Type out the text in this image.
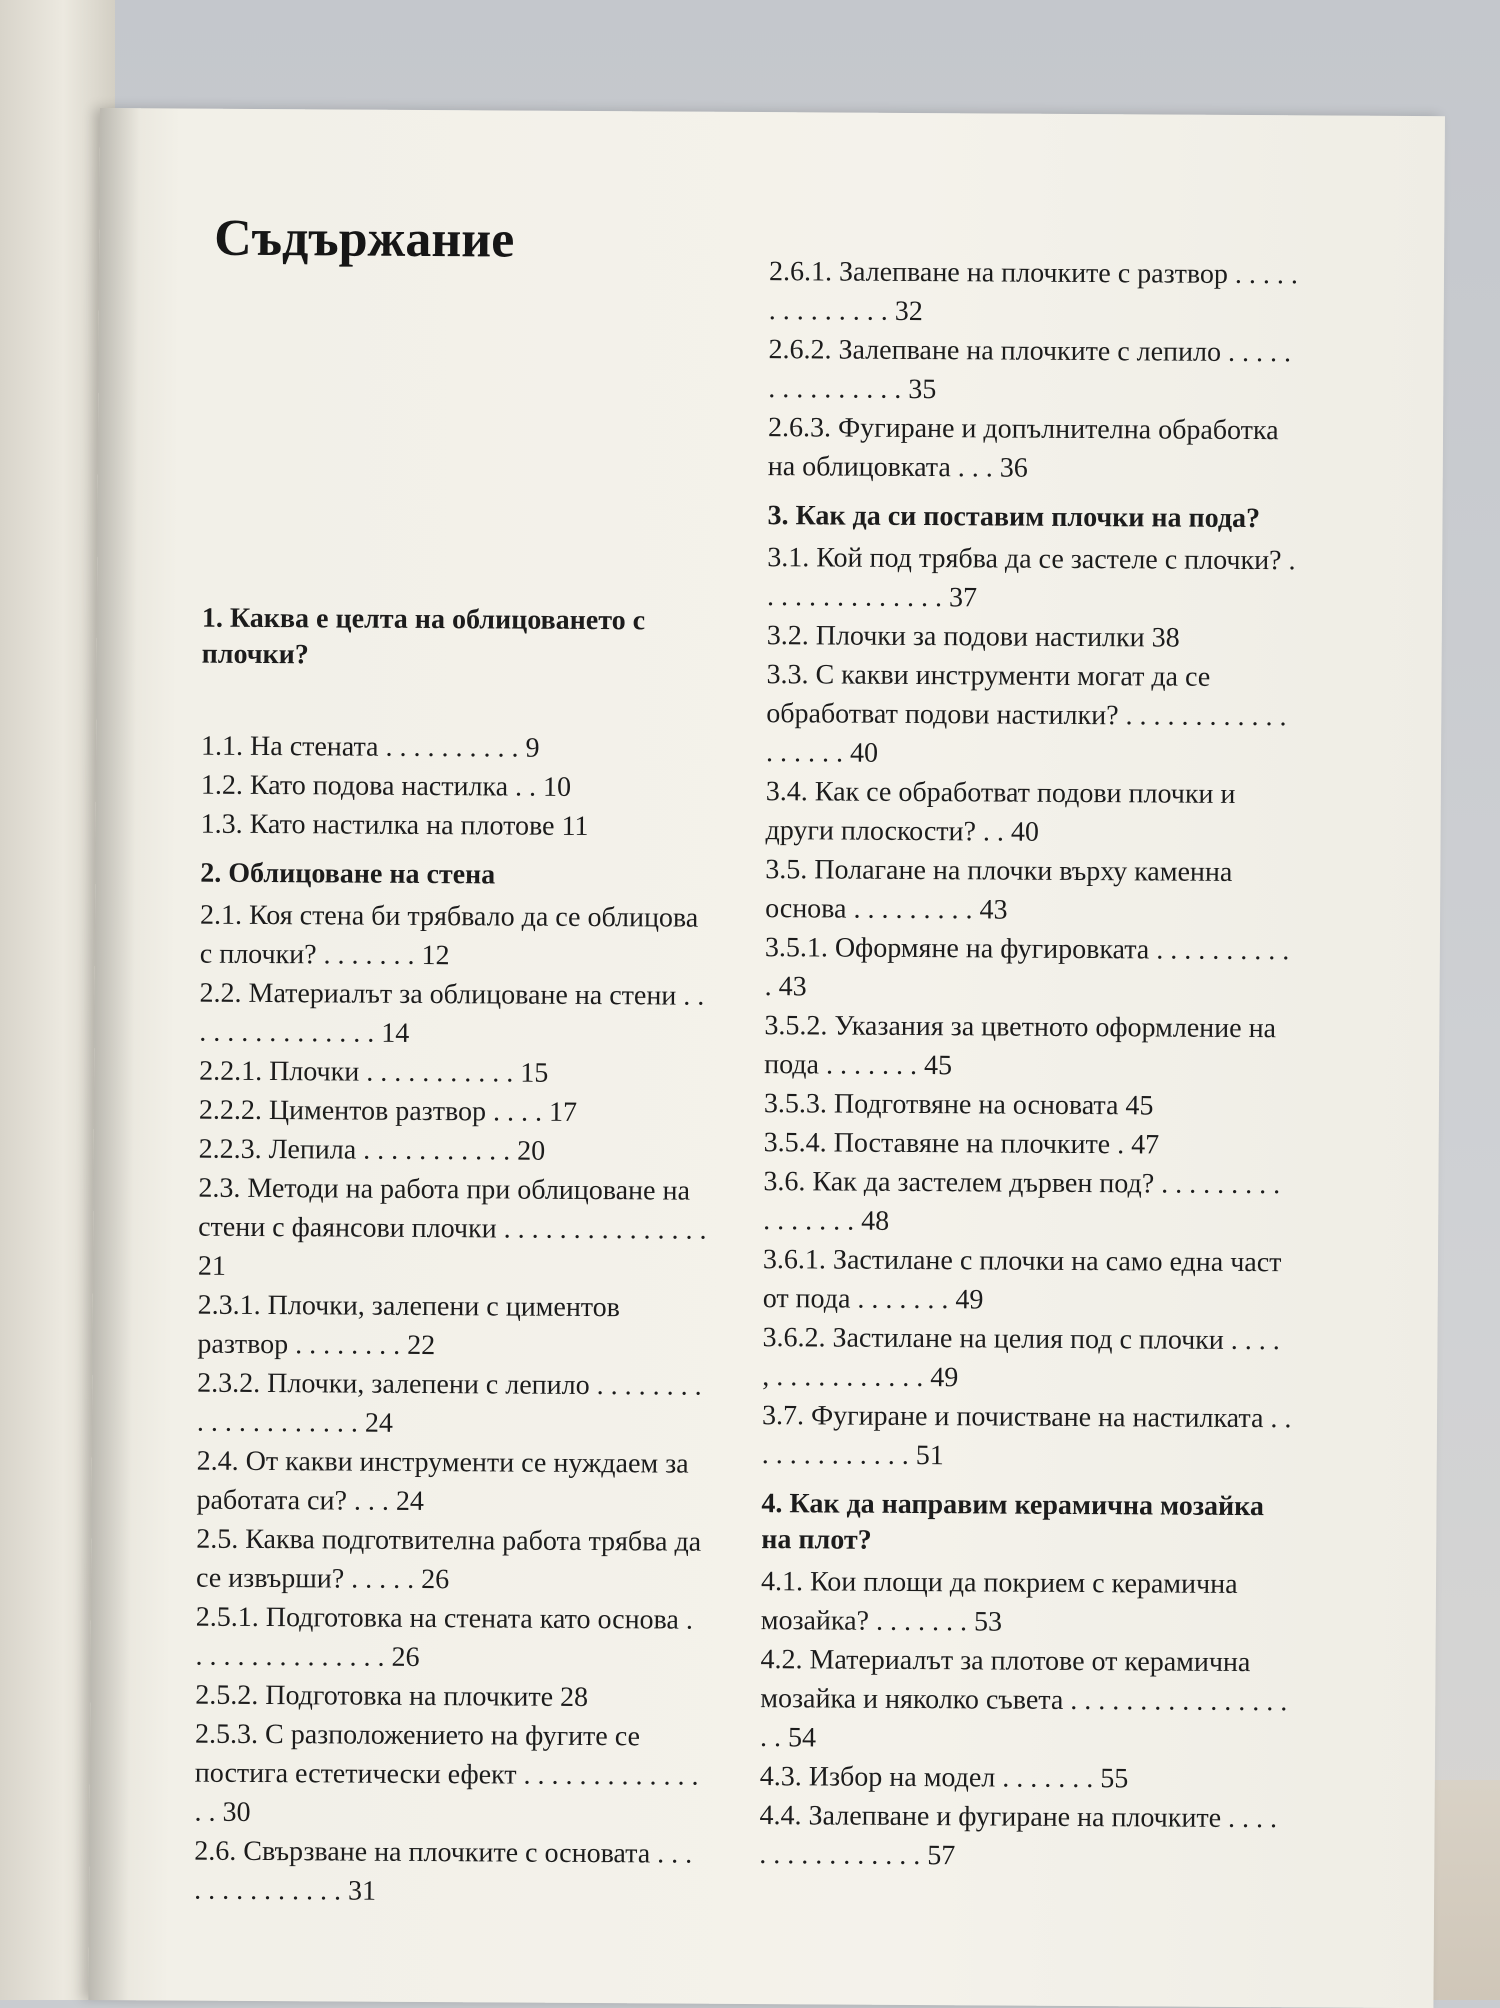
Съдържание

1. Каква е целта на облицоването с плочки?

1.1. На стената . . . . . . . . . . 9

1.2. Като подова настилка . . 10

1.3. Като настилка на плотове 11

2. Облицоване на стена

2.1. Коя стена би трябвало да се облицова с плочки? . . . . . . . 12

2.2. Материалът за облицоване на стени . . . . . . . . . . . . . . . 14

2.2.1. Плочки . . . . . . . . . . . 15

2.2.2. Циментов разтвор . . . . 17

2.2.3. Лепила . . . . . . . . . . . 20

2.3. Методи на работа при облицоване на стени с фаянсови плочки . . . . . . . . . . . . . . . 21

2.3.1. Плочки, залепени с циментов разтвор . . . . . . . . 22

2.3.2. Плочки, залепени с лепило . . . . . . . . . . . . . . . . . . . . 24

2.4. От какви инструменти се нуждаем за работата си? . . . 24

2.5. Каква подготвителна работа трябва да се извърши? . . . . . 26

2.5.1. Подготовка на стената като основа . . . . . . . . . . . . . . . 26

2.5.2. Подготовка на плочките 28

2.5.3. С разположението на фугите се постига естетически ефект . . . . . . . . . . . . . . . 30

2.6. Свързване на плочките с основата . . . . . . . . . . . . . . 31

2.6.1. Залепване на плочките с разтвор . . . . . . . . . . . . . . 32

2.6.2. Залепване на плочките с лепило . . . . . . . . . . . . . . . 35

2.6.3. Фугиране и допълнителна обработка на облицовката . . . 36

3. Как да си поставим плочки на пода?

3.1. Кой под трябва да се застеле с плочки? . . . . . . . . . . . . . . 37

3.2. Плочки за подови настилки 38

3.3. С какви инструменти могат да се обработват подови настилки? . . . . . . . . . . . . . . . . . . 40

3.4. Как се обработват подови плочки и други плоскости? . . 40

3.5. Полагане на плочки върху каменна основа . . . . . . . . . 43

3.5.1. Оформяне на фугировката . . . . . . . . . . . 43

3.5.2. Указания за цветното оформление на пода . . . . . . . 45

3.5.3. Подготвяне на основата 45

3.5.4. Поставяне на плочките . 47

3.6. Как да застелем дървен под? . . . . . . . . . . . . . . . . 48

3.6.1. Застилане с плочки на само една част от пода . . . . . . . 49

3.6.2. Застилане на целия под с плочки . . . . , . . . . . . . . . . . 49

3.7. Фугиране и почистване на настилката . . . . . . . . . . . . . 51

4. Как да направим керамична мозайка на плот?

4.1. Кои площи да покрием с керамична мозайка? . . . . . . . 53

4.2. Материалът за плотове от керамична мозайка и няколко съвета . . . . . . . . . . . . . . . . . . 54

4.3. Избор на модел . . . . . . . 55

4.4. Залепване и фугиране на плочките . . . . . . . . . . . . . . . . 57
